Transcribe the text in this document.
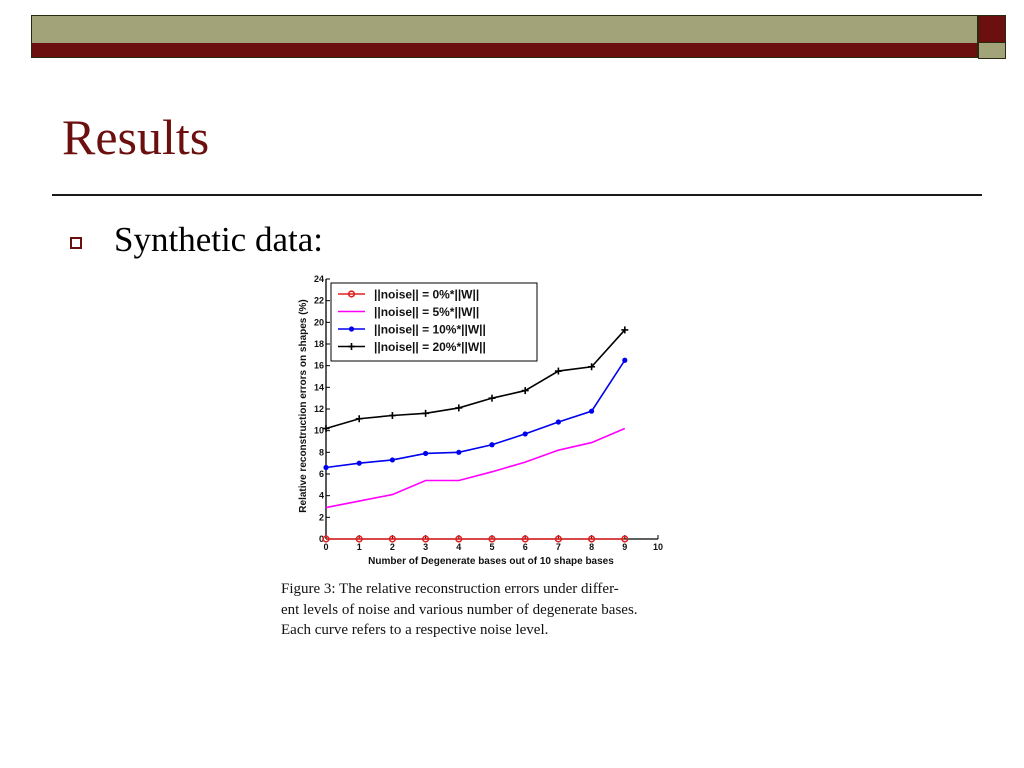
Results
Synthetic data:
0	1	2	3	4	5	6	7	8	9	10
0
2
4
6
8
10
12
14
16
18
20
22
24
||noise|| = 0%*||W||
||noise|| = 5%*||W||
||noise|| = 10%*||W||
||noise|| = 20%*||W||
Number of Degenerate bases out of 10 shape bases
Relative reconstruction errors on shapes (%)
Figure 3: The relative reconstruction errors under differ-
ent levels of noise and various number of degenerate bases.
Each curve refers to a respective noise level.
